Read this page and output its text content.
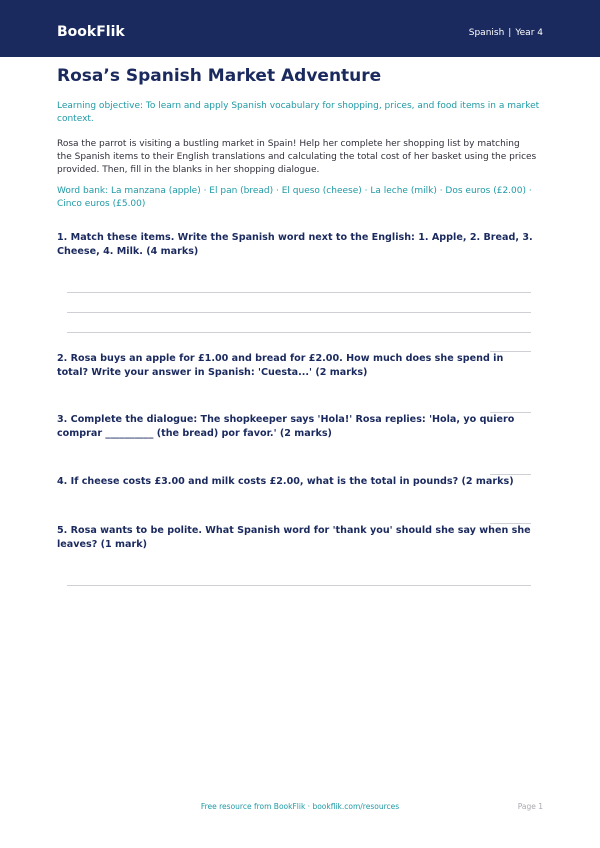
BookFlik	Spanish | Year 4
Rosa’s Spanish Market Adventure

Learning objective: To learn and apply Spanish vocabulary for shopping, prices, and food items in a market context.

Rosa the parrot is visiting a bustling market in Spain! Help her complete her shopping list by matching the Spanish items to their English translations and calculating the total cost of her basket using the prices provided. Then, fill in the blanks in her shopping dialogue.

Word bank: La manzana (apple) · El pan (bread) · El queso (cheese) · La leche (milk) · Dos euros (£2.00) · Cinco euros (£5.00)

1. Match these items. Write the Spanish word next to the English: 1. Apple, 2. Bread, 3. Cheese, 4. Milk. (4 marks)

2. Rosa buys an apple for £1.00 and bread for £2.00. How much does she spend in total? Write your answer in Spanish: 'Cuesta...' (2 marks)

3. Complete the dialogue: The shopkeeper says 'Hola!' Rosa replies: 'Hola, yo quiero comprar __________ (the bread) por favor.' (2 marks)

4. If cheese costs £3.00 and milk costs £2.00, what is the total in pounds? (2 marks)

5. Rosa wants to be polite. What Spanish word for 'thank you' should she say when she leaves? (1 mark)

Free resource from BookFlik · bookflik.com/resources	Page 1
